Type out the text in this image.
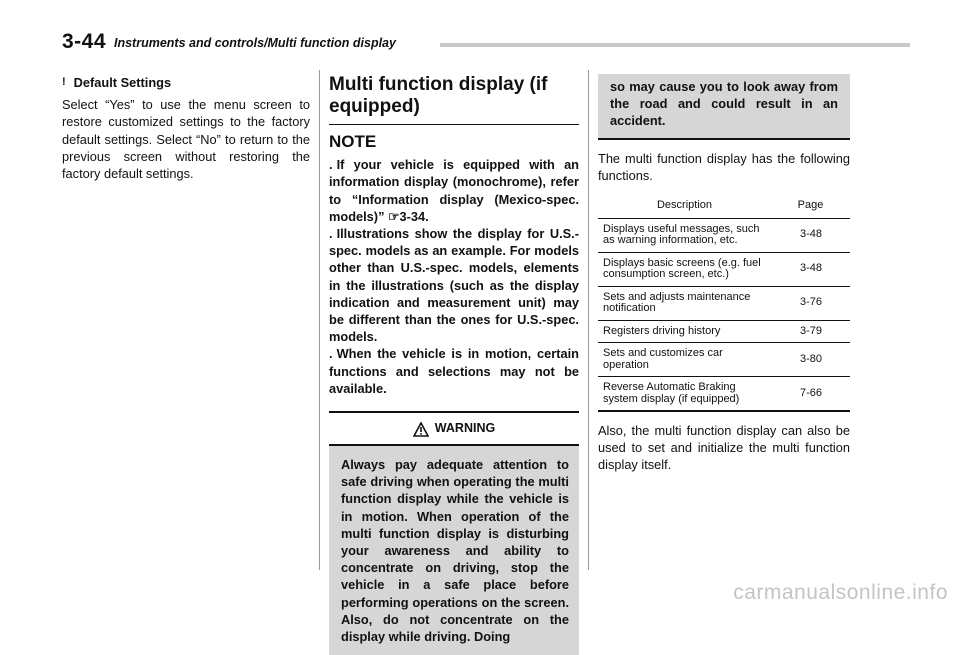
3-44 Instruments and controls/Multi function display
! Default Settings
Select “Yes” to use the menu screen to restore customized settings to the factory default settings. Select “No” to return to the previous screen without restoring the factory default settings.
Multi function display (if equipped)
NOTE
. If your vehicle is equipped with an information display (monochrome), refer to “Information display (Mexico-spec. models)” ☞3-34.
. Illustrations show the display for U.S.-spec. models as an example. For models other than U.S.-spec. models, elements in the illustrations (such as the display indication and measurement unit) may be different than the ones for U.S.-spec. models.
. When the vehicle is in motion, certain functions and selections may not be available.
WARNING
Always pay adequate attention to safe driving when operating the multi function display while the vehicle is in motion. When operation of the multi function display is disturbing your awareness and ability to concentrate on driving, stop the vehicle in a safe place before performing operations on the screen. Also, do not concentrate on the display while driving. Doing
so may cause you to look away from the road and could result in an accident.
The multi function display has the following functions.
Description	Page
Displays useful messages, such as warning information, etc.	3-48
Displays basic screens (e.g. fuel consumption screen, etc.)	3-48
Sets and adjusts maintenance notification	3-76
Registers driving history	3-79
Sets and customizes car operation	3-80
Reverse Automatic Braking system display (if equipped)	7-66
Also, the multi function display can also be used to set and initialize the multi function display itself.
carmanualsonline.info
